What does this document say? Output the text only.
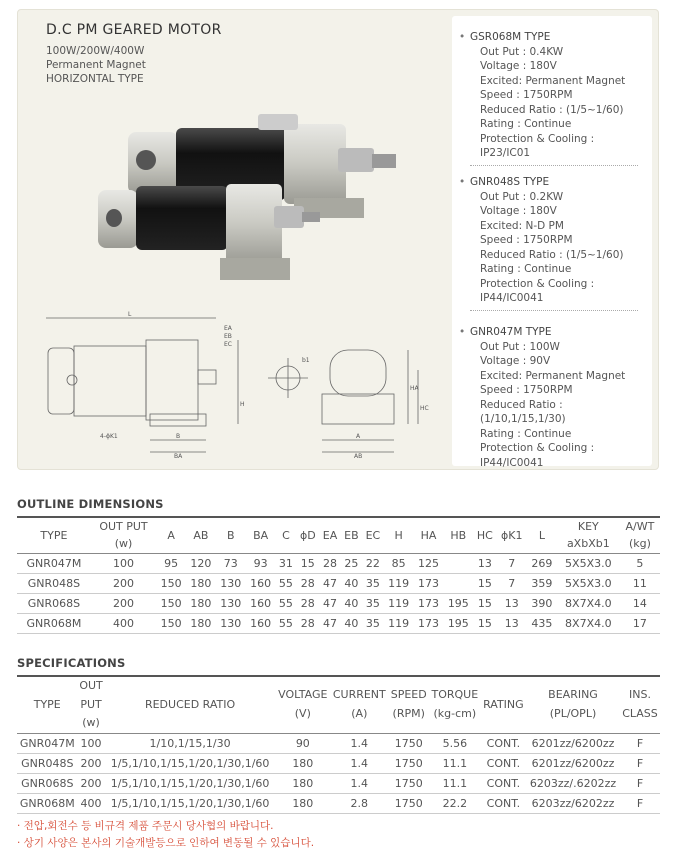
D.C PM GEARED MOTOR
100W/200W/400W
Permanent Magnet
HORIZONTAL TYPE
EA
EB
EC
B
BA
A
AB
HA
HC
H
L
4-ϕK1
b1
• GSR068M TYPE
Out Put : 0.4KW
Voltage : 180V
Excited: Permanent Magnet
Speed : 1750RPM
Reduced Ratio : (1/5~1/60)
Rating : Continue
Protection & Cooling :
IP23/IC01
• GNR048S TYPE
Out Put : 0.2KW
Voltage : 180V
Excited: N-D PM
Speed : 1750RPM
Reduced Ratio : (1/5~1/60)
Rating : Continue
Protection & Cooling :
IP44/IC0041
• GNR047M TYPE
Out Put : 100W
Voltage : 90V
Excited: Permanent Magnet
Speed : 1750RPM
Reduced Ratio :
(1/10,1/15,1/30)
Rating : Continue
Protection & Cooling :
IP44/IC0041
OUTLINE DIMENSIONS
TYPE	OUT PUT
(w)	A	AB	B	BA	C	ϕD	EA	EB	EC	H	HA	HB	HC	ϕK1	L	KEY
aXbXb1	A/WT
(kg)
GNR047M	100	95	120	73	93	31	15	28	25	22	85	125		13	7	269	5X5X3.0	5
GNR048S	200	150	180	130	160	55	28	47	40	35	119	173		15	7	359	5X5X3.0	11
GNR068S	200	150	180	130	160	55	28	47	40	35	119	173	195	15	13	390	8X7X4.0	14
GNR068M	400	150	180	130	160	55	28	47	40	35	119	173	195	15	13	435	8X7X4.0	17
SPECIFICATIONS
TYPE	OUT
PUT
(w)	REDUCED RATIO	VOLTAGE
(V)	CURRENT
(A)	SPEED
(RPM)	TORQUE
(kg-cm)	RATING	BEARING
(PL/OPL)	INS.
CLASS
GNR047M	100	1/10,1/15,1/30	90	1.4	1750	5.56	CONT.	6201zz/6200zz	F
GNR048S	200	1/5,1/10,1/15,1/20,1/30,1/60	180	1.4	1750	11.1	CONT.	6201zz/6200zz	F
GNR068S	200	1/5,1/10,1/15,1/20,1/30,1/60	180	1.4	1750	11.1	CONT.	6203zz/.6202zz	F
GNR068M	400	1/5,1/10,1/15,1/20,1/30,1/60	180	2.8	1750	22.2	CONT.	6203zz/6202zz	F
· 전압,회전수 등 비규격 제품 주문시 당사협의 바랍니다.
· 상기 사양은 본사의 기술개발등으로 인하여 변동될 수 있습니다.
